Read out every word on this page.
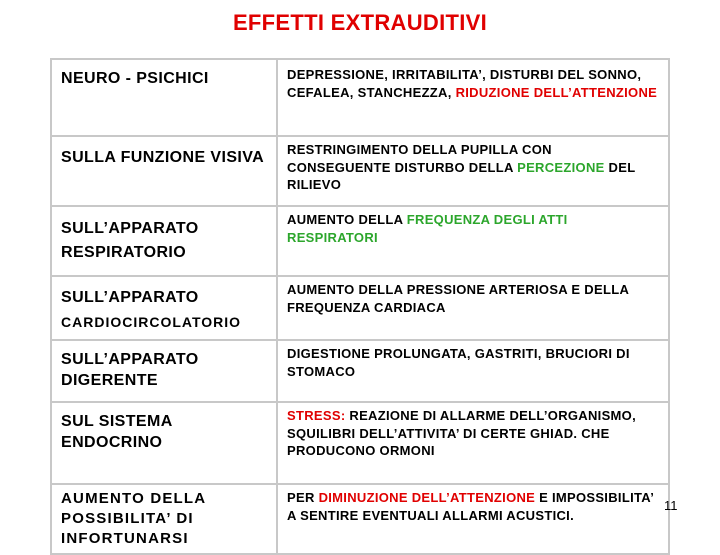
EFFETTI EXTRAUDITIVI
NEURO - PSICHICI	DEPRESSIONE, IRRITABILITA’, DISTURBI DEL SONNO, CEFALEA, STANCHEZZA, RIDUZIONE DELL’ATTENZIONE
SULLA FUNZIONE VISIVA	RESTRINGIMENTO DELLA PUPILLA CON CONSEGUENTE DISTURBO DELLA PERCEZIONE DEL RILIEVO
SULL’APPARATO RESPIRATORIO	AUMENTO DELLA FREQUENZA DEGLI ATTI RESPIRATORI
SULL’APPARATO
CARDIOCIRCOLATORIO	AUMENTO DELLA PRESSIONE ARTERIOSA E DELLA FREQUENZA CARDIACA
SULL’APPARATO DIGERENTE	DIGESTIONE PROLUNGATA, GASTRITI, BRUCIORI DI STOMACO
SUL SISTEMA ENDOCRINO	STRESS: REAZIONE DI ALLARME DELL’ORGANISMO, SQUILIBRI DELL’ATTIVITA’ DI CERTE GHIAD. CHE PRODUCONO ORMONI
AUMENTO DELLA POSSIBILITA’ DI INFORTUNARSI	PER DIMINUZIONE DELL’ATTENZIONE E IMPOSSIBILITA’ A SENTIRE EVENTUALI ALLARMI ACUSTICI.
11
